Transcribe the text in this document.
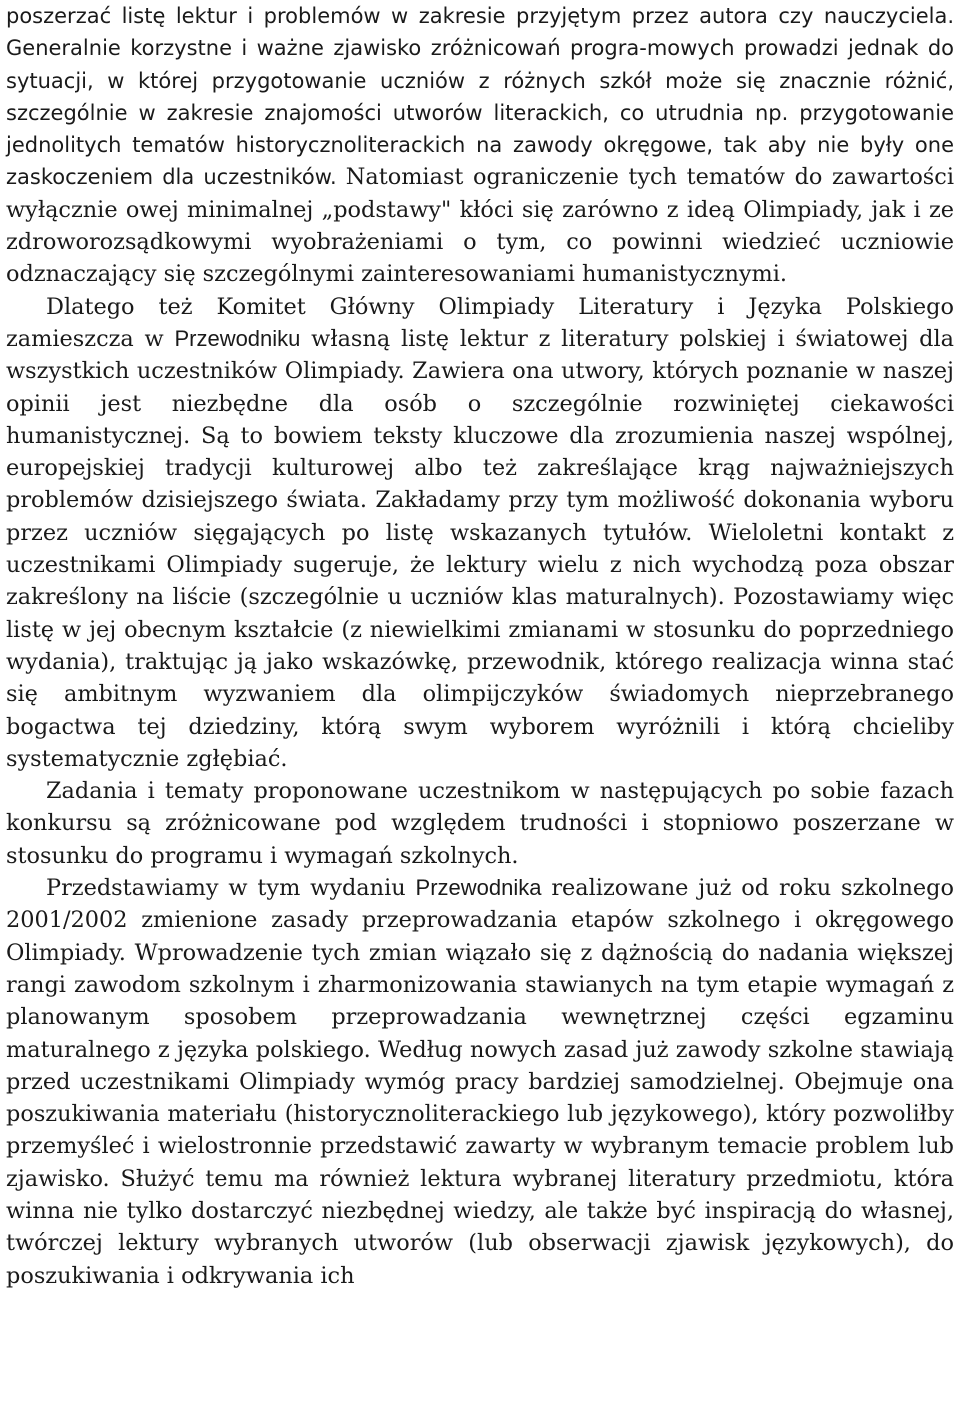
poszerzać listę lektur i problemów w zakresie przyjętym przez autora czy nauczyciela. Generalnie korzystne i ważne zjawisko zróżnicowań progra-mowych prowadzi jednak do sytuacji, w której przygotowanie uczniów z różnych szkół może się znacznie różnić, szczególnie w zakresie znajomości utworów literackich, co utrudnia np. przygotowanie jednolitych tematów historycznoliterackich na zawody okręgowe, tak aby nie były one zaskoczeniem dla uczestników. Natomiast ograniczenie tych tematów do zawartości wyłącznie owej minimalnej „podstawy" kłóci się zarówno z ideą Olimpiady, jak i ze zdroworozsądkowymi wyobrażeniami o tym, co powinni wiedzieć uczniowie odznaczający się szczególnymi zainteresowaniami humanistycznymi.

Dlatego też Komitet Główny Olimpiady Literatury i Języka Polskiego zamieszcza w Przewodniku własną listę lektur z literatury polskiej i światowej dla wszystkich uczestników Olimpiady. Zawiera ona utwory, których poznanie w naszej opinii jest niezbędne dla osób o szczególnie rozwiniętej ciekawości humanistycznej. Są to bowiem teksty kluczowe dla zrozumienia naszej wspólnej, europejskiej tradycji kulturowej albo też zakreślające krąg najważniejszych problemów dzisiejszego świata. Zakładamy przy tym możliwość dokonania wyboru przez uczniów sięgających po listę wskazanych tytułów. Wieloletni kontakt z uczestnikami Olimpiady sugeruje, że lektury wielu z nich wychodzą poza obszar zakreślony na liście (szczególnie u uczniów klas maturalnych). Pozostawiamy więc listę w jej obecnym kształcie (z niewielkimi zmianami w stosunku do poprzedniego wydania), traktując ją jako wskazówkę, przewodnik, którego realizacja winna stać się ambitnym wyzwaniem dla olimpijczyków świadomych nieprzebranego bogactwa tej dziedziny, którą swym wyborem wyróżnili i którą chcieliby systematycznie zgłębiać.

Zadania i tematy proponowane uczestnikom w następujących po sobie fazach konkursu są zróżnicowane pod względem trudności i stopniowo poszerzane w stosunku do programu i wymagań szkolnych.

Przedstawiamy w tym wydaniu Przewodnika realizowane już od roku szkolnego 2001/2002 zmienione zasady przeprowadzania etapów szkolnego i okręgowego Olimpiady. Wprowadzenie tych zmian wiązało się z dążnością do nadania większej rangi zawodom szkolnym i zharmonizowania stawianych na tym etapie wymagań z planowanym sposobem przeprowadzania wewnętrznej części egzaminu maturalnego z języka polskiego. Według nowych zasad już zawody szkolne stawiają przed uczestnikami Olimpiady wymóg pracy bardziej samodzielnej. Obejmuje ona poszukiwania materiału (historycznoliterackiego lub językowego), który pozwoliłby przemyśleć i wielostronnie przedstawić zawarty w wybranym temacie problem lub zjawisko. Służyć temu ma również lektura wybranej literatury przedmiotu, która winna nie tylko dostarczyć niezbędnej wiedzy, ale także być inspiracją do własnej, twórczej lektury wybranych utworów (lub obserwacji zjawisk językowych), do poszukiwania i odkrywania ich
